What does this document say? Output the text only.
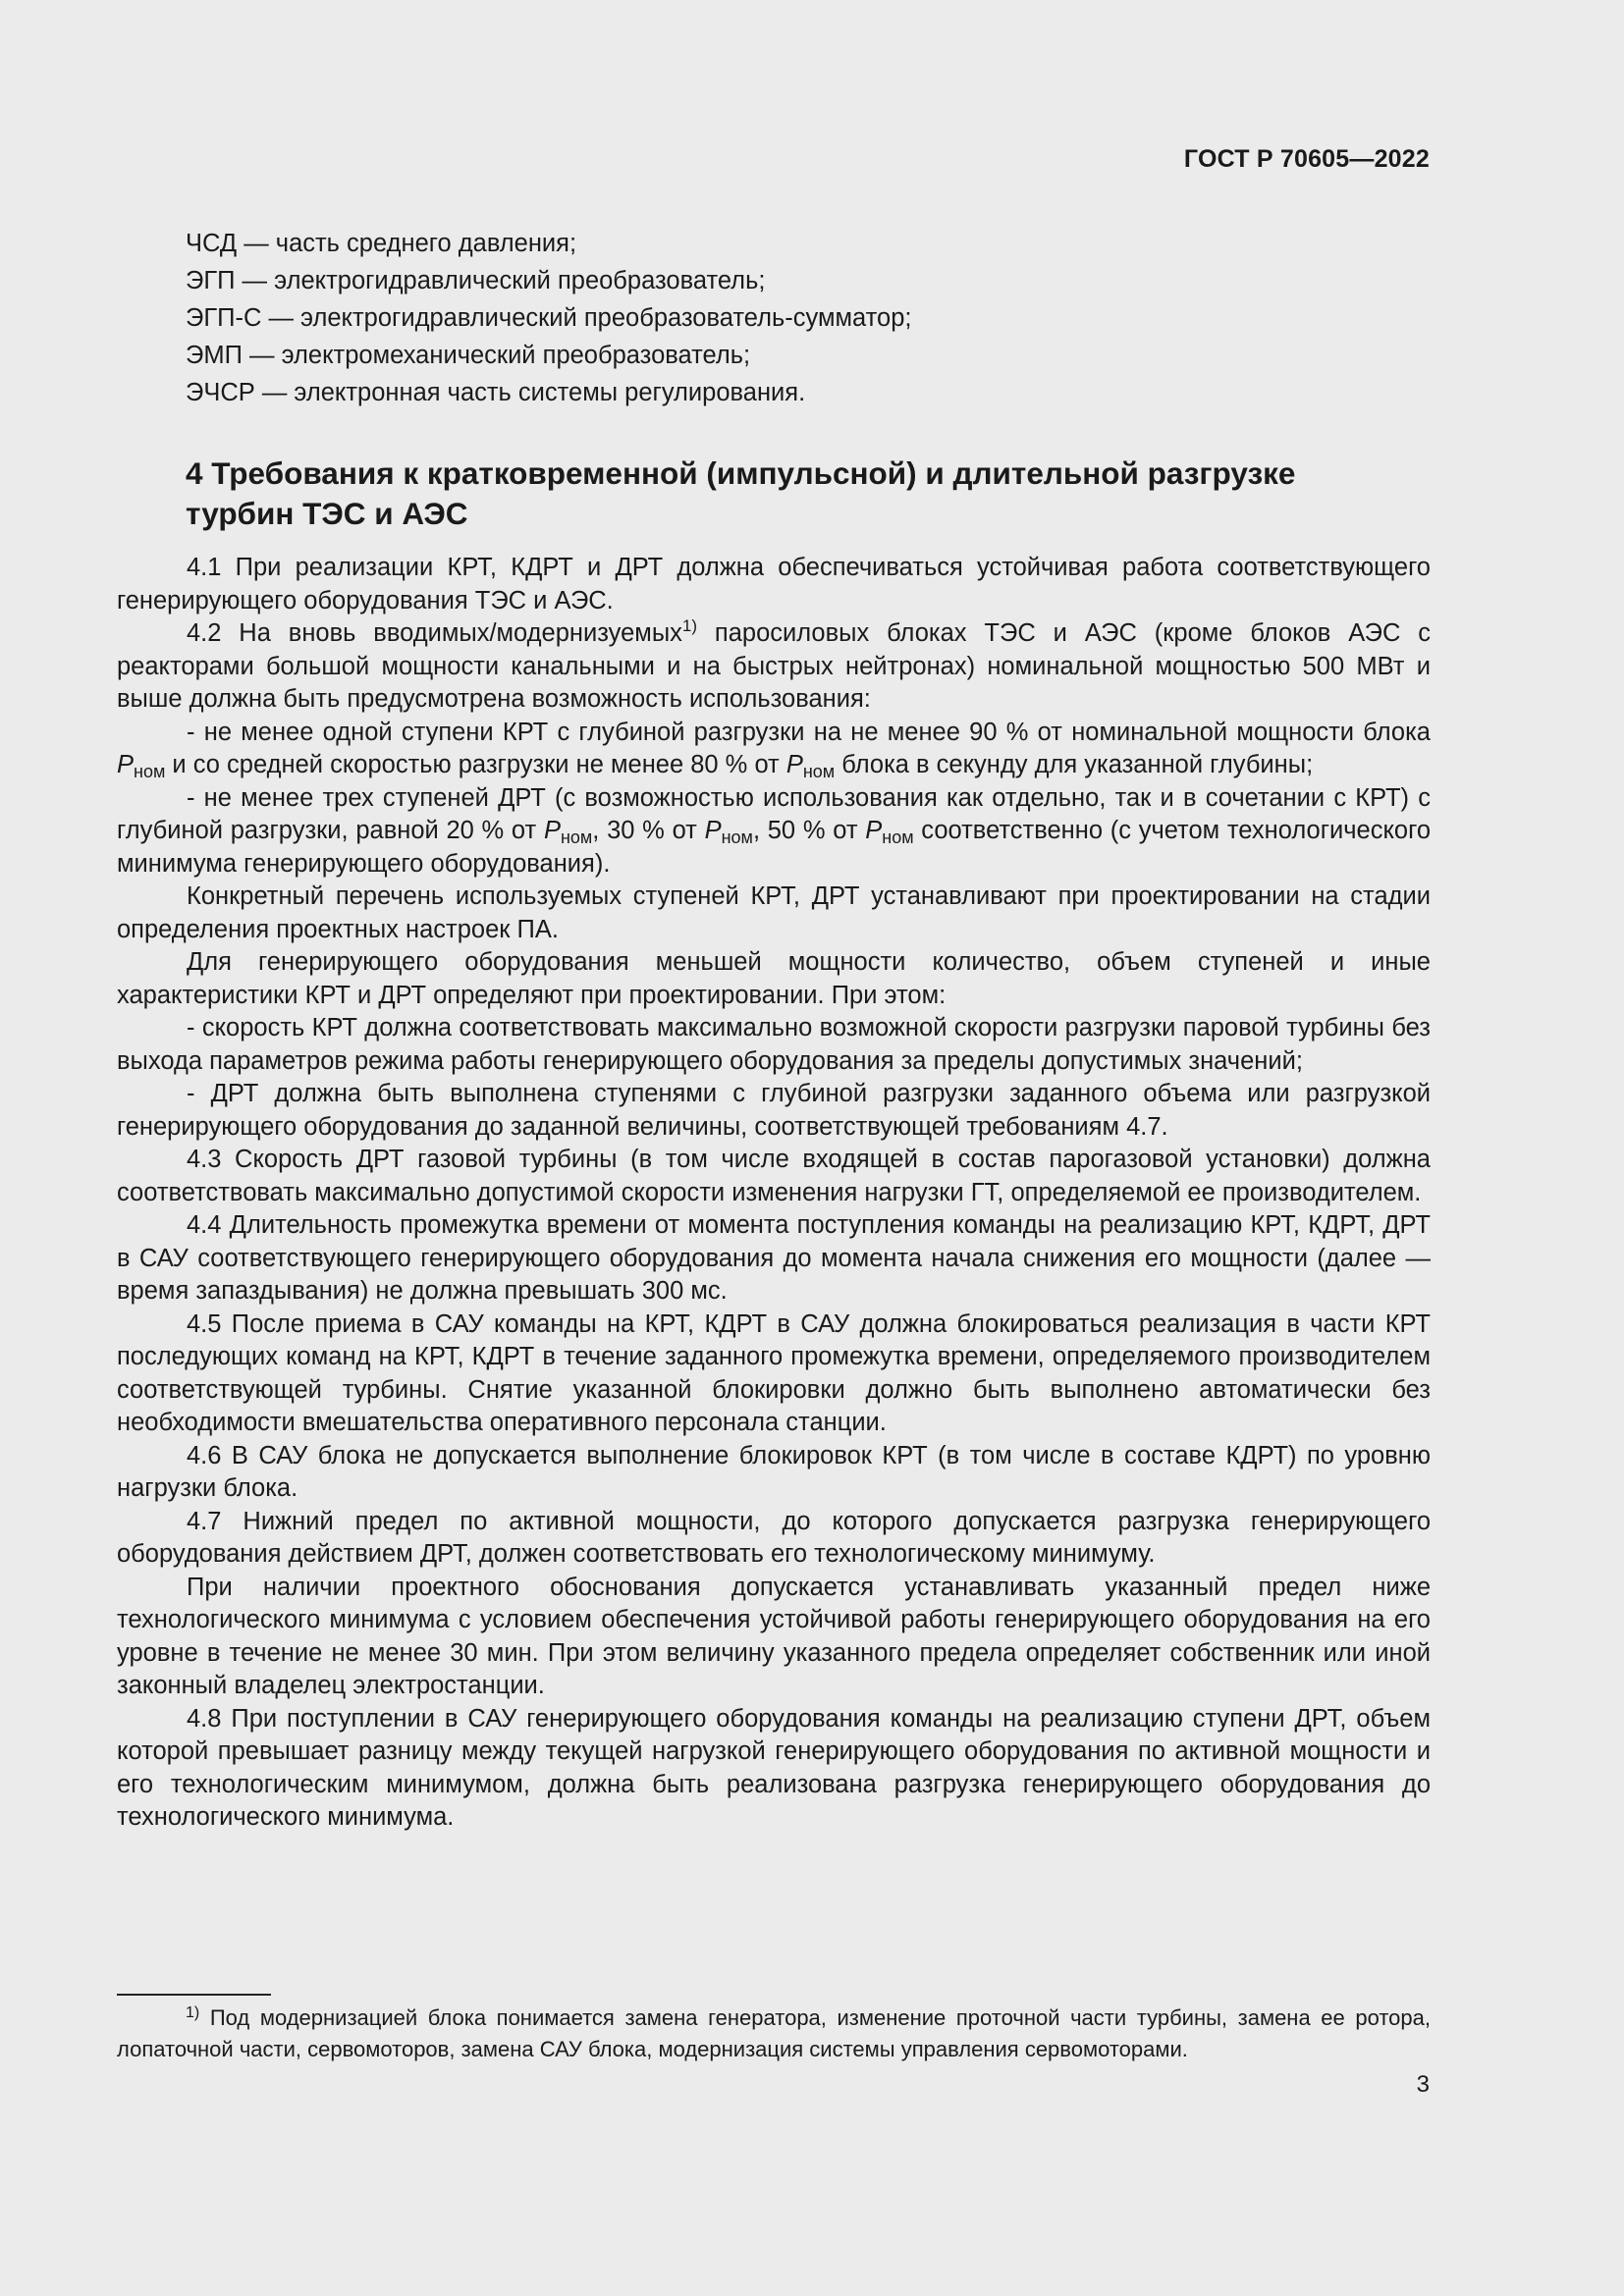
ГОСТ Р 70605—2022

ЧСД — часть среднего давления;

ЭГП — электрогидравлический преобразователь;

ЭГП-С — электрогидравлический преобразователь-сумматор;

ЭМП — электромеханический преобразователь;

ЭЧСР — электронная часть системы регулирования.

4 Требования к кратковременной (импульсной) и длительной разгрузке
турбин ТЭС и АЭС

4.1 При реализации КРТ, КДРТ и ДРТ должна обеспечиваться устойчивая работа соответствующего генерирующего оборудования ТЭС и АЭС.

4.2 На вновь вводимых/модернизуемых$^{1)}$ паросиловых блоках ТЭС и АЭС (кроме блоков АЭС с реакторами большой мощности канальными и на быстрых нейтронах) номинальной мощностью 500 МВт и выше должна быть предусмотрена возможность использования:

- не менее одной ступени КРТ с глубиной разгрузки на не менее 90 % от номинальной мощности блока $P_{ном}$ и со средней скоростью разгрузки не менее 80 % от $P_{ном}$ блока в секунду для указанной глубины;

- не менее трех ступеней ДРТ (с возможностью использования как отдельно, так и в сочетании с КРТ) с глубиной разгрузки, равной 20 % от $P_{ном}$, 30 % от $P_{ном}$, 50 % от $P_{ном}$ соответственно (с учетом технологического минимума генерирующего оборудования).

Конкретный перечень используемых ступеней КРТ, ДРТ устанавливают при проектировании на стадии определения проектных настроек ПА.

Для генерирующего оборудования меньшей мощности количество, объем ступеней и иные характеристики КРТ и ДРТ определяют при проектировании. При этом:

- скорость КРТ должна соответствовать максимально возможной скорости разгрузки паровой турбины без выхода параметров режима работы генерирующего оборудования за пределы допустимых значений;

- ДРТ должна быть выполнена ступенями с глубиной разгрузки заданного объема или разгрузкой генерирующего оборудования до заданной величины, соответствующей требованиям 4.7.

4.3 Скорость ДРТ газовой турбины (в том числе входящей в состав парогазовой установки) должна соответствовать максимально допустимой скорости изменения нагрузки ГТ, определяемой ее производителем.

4.4 Длительность промежутка времени от момента поступления команды на реализацию КРТ, КДРТ, ДРТ в САУ соответствующего генерирующего оборудования до момента начала снижения его мощности (далее — время запаздывания) не должна превышать 300 мс.

4.5 После приема в САУ команды на КРТ, КДРТ в САУ должна блокироваться реализация в части КРТ последующих команд на КРТ, КДРТ в течение заданного промежутка времени, определяемого производителем соответствующей турбины. Снятие указанной блокировки должно быть выполнено автоматически без необходимости вмешательства оперативного персонала станции.

4.6 В САУ блока не допускается выполнение блокировок КРТ (в том числе в составе КДРТ) по уровню нагрузки блока.

4.7 Нижний предел по активной мощности, до которого допускается разгрузка генерирующего оборудования действием ДРТ, должен соответствовать его технологическому минимуму.

При наличии проектного обоснования допускается устанавливать указанный предел ниже технологического минимума с условием обеспечения устойчивой работы генерирующего оборудования на его уровне в течение не менее 30 мин. При этом величину указанного предела определяет собственник или иной законный владелец электростанции.

4.8 При поступлении в САУ генерирующего оборудования команды на реализацию ступени ДРТ, объем которой превышает разницу между текущей нагрузкой генерирующего оборудования по активной мощности и его технологическим минимумом, должна быть реализована разгрузка генерирующего оборудования до технологического минимума.

$^{1)}$ Под модернизацией блока понимается замена генератора, изменение проточной части турбины, замена ее ротора, лопаточной части, сервомоторов, замена САУ блока, модернизация системы управления сервомоторами.

3
